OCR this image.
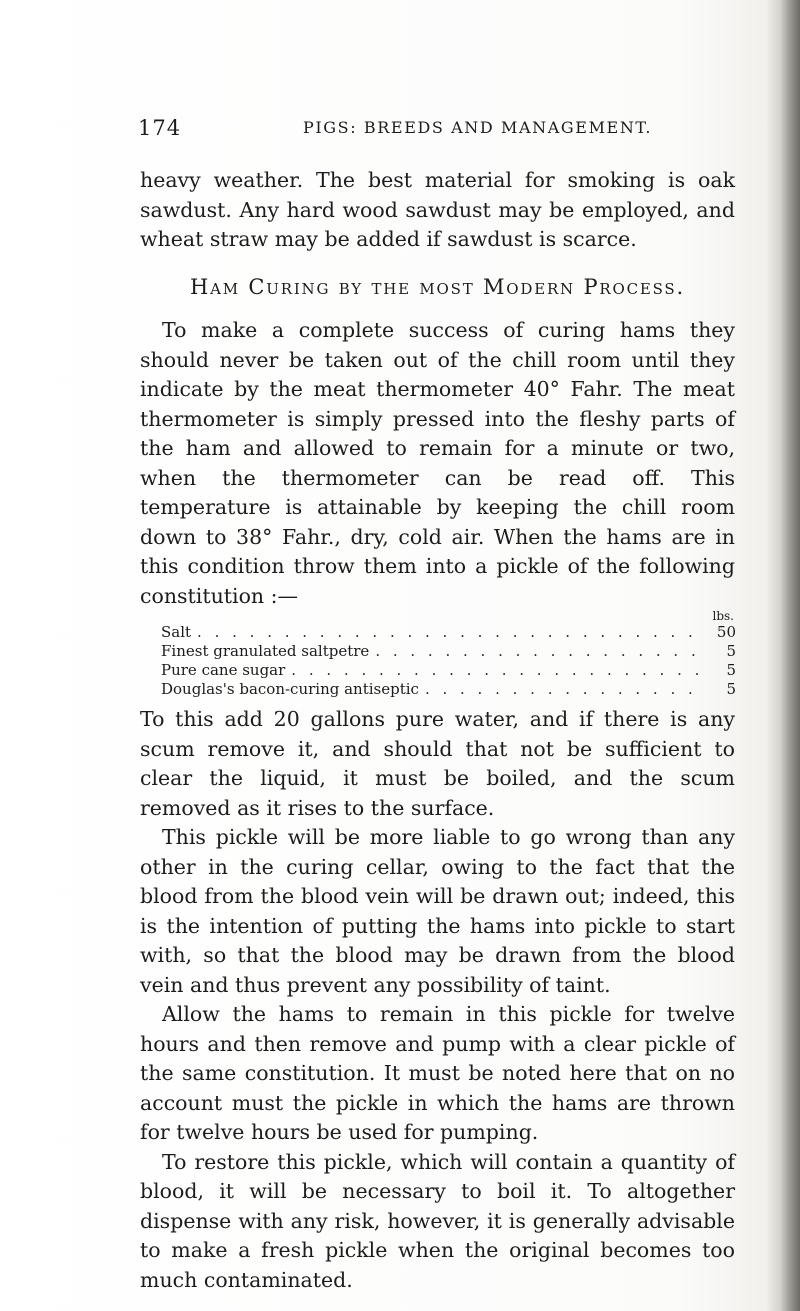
174	PIGS: BREEDS AND MANAGEMENT.

heavy weather. The best material for smoking is oak sawdust. Any hard wood sawdust may be employed, and wheat straw may be added if sawdust is scarce.

Ham Curing by the most Modern Process.

To make a complete success of curing hams they should never be taken out of the chill room until they indicate by the meat thermometer 40° Fahr. The meat thermometer is simply pressed into the fleshy parts of the ham and allowed to remain for a minute or two, when the thermometer can be read off. This temperature is attainable by keeping the chill room down to 38° Fahr., dry, cold air. When the hams are in this condition throw them into a pickle of the following constitution :—

lbs.
Salt . . .	50
Finest granulated saltpetre . . .	5
Pure cane sugar . . .	5
Douglas's bacon-curing antiseptic . . .	5

To this add 20 gallons pure water, and if there is any scum remove it, and should that not be sufficient to clear the liquid, it must be boiled, and the scum removed as it rises to the surface.

This pickle will be more liable to go wrong than any other in the curing cellar, owing to the fact that the blood from the blood vein will be drawn out; indeed, this is the intention of putting the hams into pickle to start with, so that the blood may be drawn from the blood vein and thus prevent any possibility of taint.

Allow the hams to remain in this pickle for twelve hours and then remove and pump with a clear pickle of the same constitution. It must be noted here that on no account must the pickle in which the hams are thrown for twelve hours be used for pumping.

To restore this pickle, which will contain a quantity of blood, it will be necessary to boil it. To altogether dispense with any risk, however, it is generally advisable to make a fresh pickle when the original becomes too much contaminated.
